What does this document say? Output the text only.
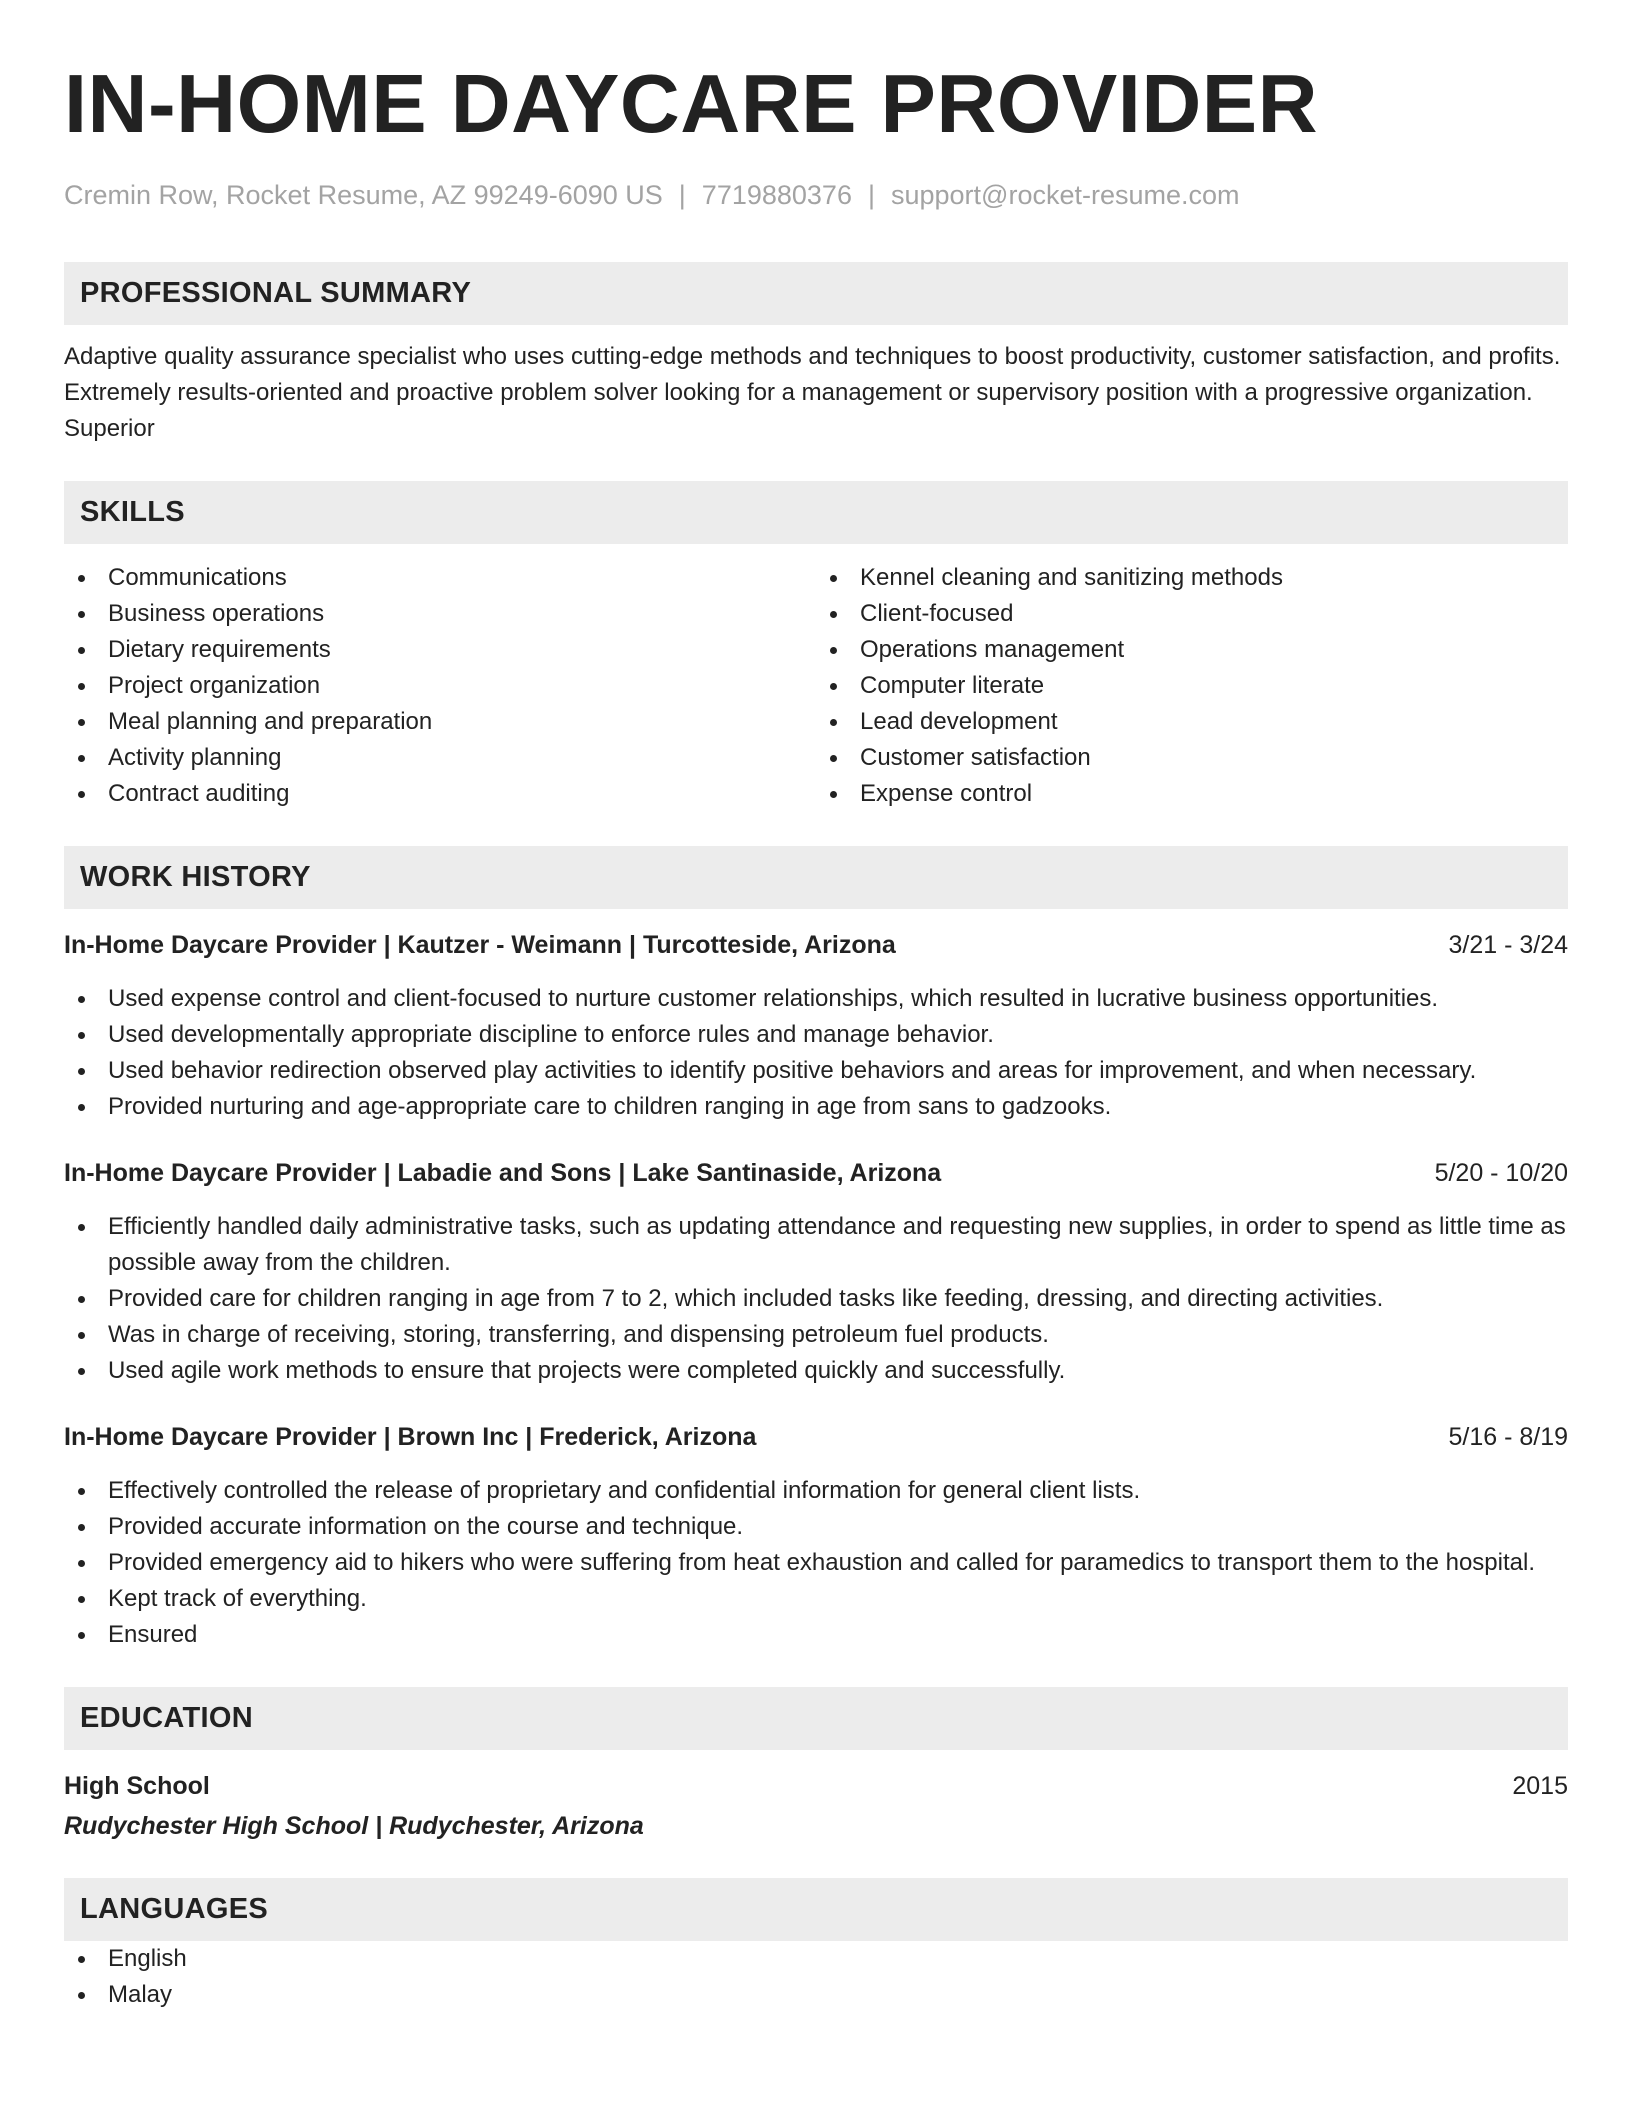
IN-HOME DAYCARE PROVIDER
Cremin Row, Rocket Resume, AZ 99249-6090 US | 7719880376 | support@rocket-resume.com
PROFESSIONAL SUMMARY
Adaptive quality assurance specialist who uses cutting-edge methods and techniques to boost productivity, customer satisfaction, and profits. Extremely results-oriented and proactive problem solver looking for a management or supervisory position with a progressive organization. Superior
SKILLS
Communications
Business operations
Dietary requirements
Project organization
Meal planning and preparation
Activity planning
Contract auditing
Kennel cleaning and sanitizing methods
Client-focused
Operations management
Computer literate
Lead development
Customer satisfaction
Expense control
WORK HISTORY
In-Home Daycare Provider | Kautzer - Weimann | Turcotteside, Arizona	3/21 - 3/24
Used expense control and client-focused to nurture customer relationships, which resulted in lucrative business opportunities.
Used developmentally appropriate discipline to enforce rules and manage behavior.
Used behavior redirection observed play activities to identify positive behaviors and areas for improvement, and when necessary.
Provided nurturing and age-appropriate care to children ranging in age from sans to gadzooks.
In-Home Daycare Provider | Labadie and Sons | Lake Santinaside, Arizona	5/20 - 10/20
Efficiently handled daily administrative tasks, such as updating attendance and requesting new supplies, in order to spend as little time as possible away from the children.
Provided care for children ranging in age from 7 to 2, which included tasks like feeding, dressing, and directing activities.
Was in charge of receiving, storing, transferring, and dispensing petroleum fuel products.
Used agile work methods to ensure that projects were completed quickly and successfully.
In-Home Daycare Provider | Brown Inc | Frederick, Arizona	5/16 - 8/19
Effectively controlled the release of proprietary and confidential information for general client lists.
Provided accurate information on the course and technique.
Provided emergency aid to hikers who were suffering from heat exhaustion and called for paramedics to transport them to the hospital.
Kept track of everything.
Ensured
EDUCATION
High School	2015
Rudychester High School | Rudychester, Arizona
LANGUAGES
English
Malay
